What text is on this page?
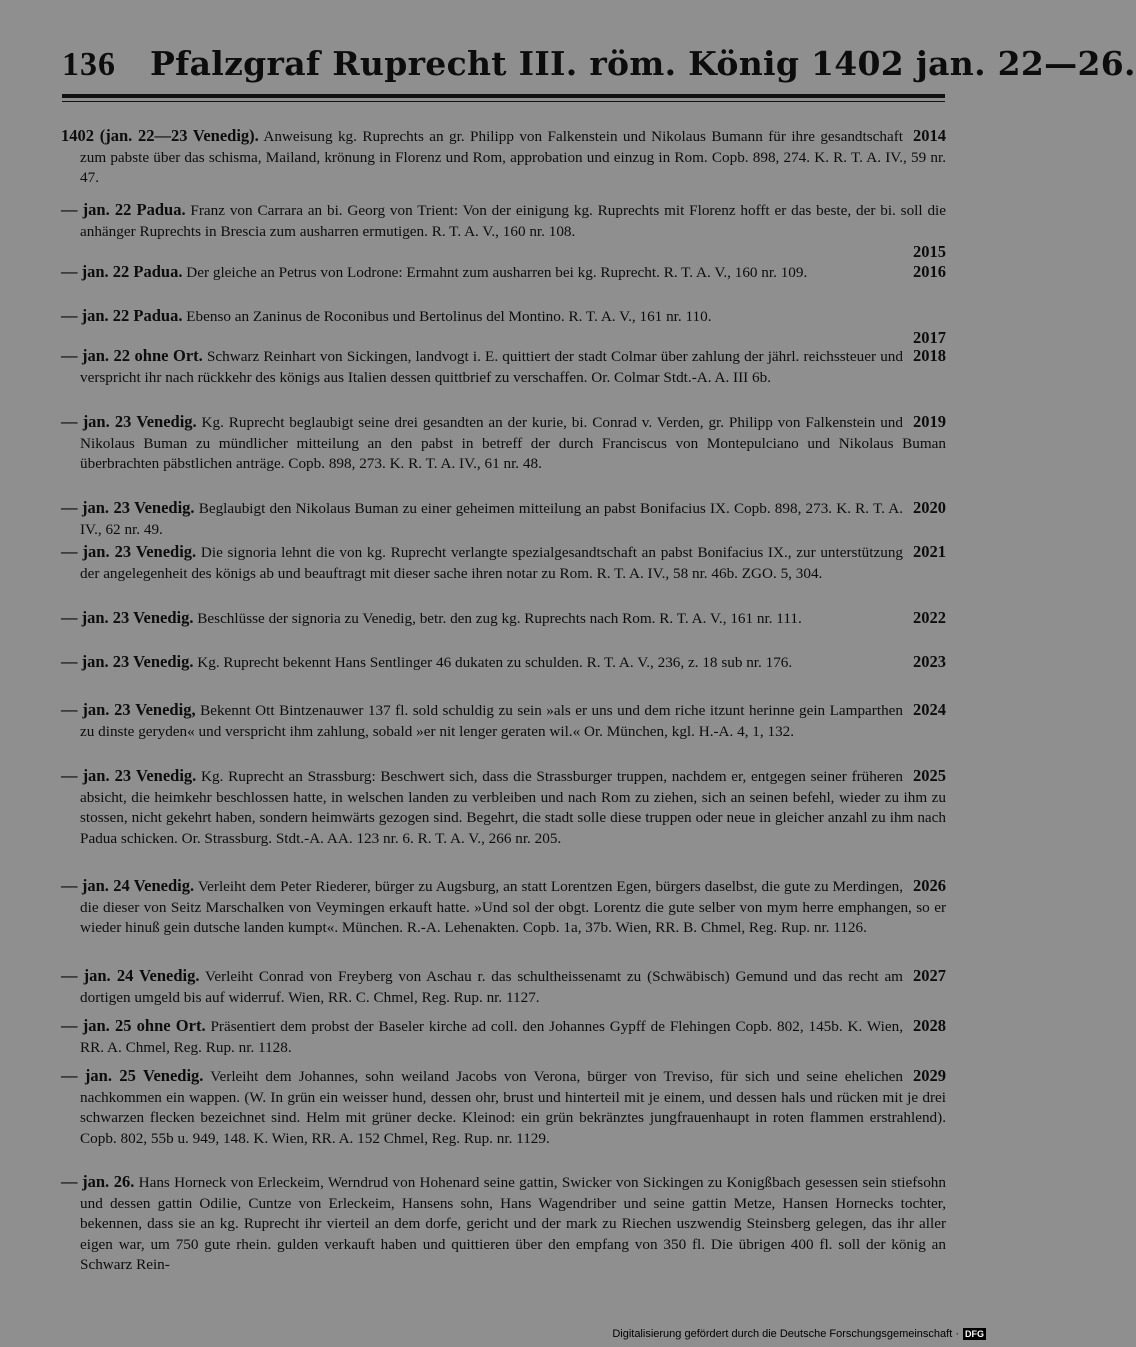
136 Pfalzgraf Ruprecht III. röm. König 1402 jan. 22—26.

2014
1402 (jan. 22—23 Venedig). Anweisung kg. Ruprechts an gr. Philipp von Falkenstein und Nikolaus Bumann für ihre gesandtschaft zum pabste über das schisma, Mailand, krönung in Florenz und Rom, approbation und einzug in Rom. Copb. 898, 274. K. R. T. A. IV., 59 nr. 47.

— jan. 22 Padua. Franz von Carrara an bi. Georg von Trient: Von der einigung kg. Ruprechts mit Florenz hofft er das beste, der bi. soll die anhänger Ruprechts in Brescia zum ausharren ermutigen. R. T. A. V., 160 nr. 108.

2015

2016
— jan. 22 Padua. Der gleiche an Petrus von Lodrone: Ermahnt zum ausharren bei kg. Ruprecht. R. T. A. V., 160 nr. 109.

— jan. 22 Padua. Ebenso an Zaninus de Roconibus und Bertolinus del Montino. R. T. A. V., 161 nr. 110.

2017

2018
— jan. 22 ohne Ort. Schwarz Reinhart von Sickingen, landvogt i. E. quittiert der stadt Colmar über zahlung der jährl. reichssteuer und verspricht ihr nach rückkehr des königs aus Italien dessen quittbrief zu verschaffen. Or. Colmar Stdt.-A. A. III 6b.

2019
— jan. 23 Venedig. Kg. Ruprecht beglaubigt seine drei gesandten an der kurie, bi. Conrad v. Verden, gr. Philipp von Falkenstein und Nikolaus Buman zu mündlicher mitteilung an den pabst in betreff der durch Franciscus von Montepulciano und Nikolaus Buman überbrachten päbstlichen anträge. Copb. 898, 273. K. R. T. A. IV., 61 nr. 48.

2020
— jan. 23 Venedig. Beglaubigt den Nikolaus Buman zu einer geheimen mitteilung an pabst Bonifacius IX. Copb. 898, 273. K. R. T. A. IV., 62 nr. 49.

2021
— jan. 23 Venedig. Die signoria lehnt die von kg. Ruprecht verlangte spezialgesandtschaft an pabst Bonifacius IX., zur unterstützung der angelegenheit des königs ab und beauftragt mit dieser sache ihren notar zu Rom. R. T. A. IV., 58 nr. 46b. ZGO. 5, 304.

2022
— jan. 23 Venedig. Beschlüsse der signoria zu Venedig, betr. den zug kg. Ruprechts nach Rom. R. T. A. V., 161 nr. 111.

2023
— jan. 23 Venedig. Kg. Ruprecht bekennt Hans Sentlinger 46 dukaten zu schulden. R. T. A. V., 236, z. 18 sub nr. 176.

2024
— jan. 23 Venedig, Bekennt Ott Bintzenauwer 137 fl. sold schuldig zu sein »als er uns und dem riche itzunt herinne gein Lamparthen zu dinste geryden« und verspricht ihm zahlung, sobald »er nit lenger geraten wil.« Or. München, kgl. H.-A. 4, 1, 132.

2025
— jan. 23 Venedig. Kg. Ruprecht an Strassburg: Beschwert sich, dass die Strassburger truppen, nachdem er, entgegen seiner früheren absicht, die heimkehr beschlossen hatte, in welschen landen zu verbleiben und nach Rom zu ziehen, sich an seinen befehl, wieder zu ihm zu stossen, nicht gekehrt haben, sondern heimwärts gezogen sind. Begehrt, die stadt solle diese truppen oder neue in gleicher anzahl zu ihm nach Padua schicken. Or. Strassburg. Stdt.-A. AA. 123 nr. 6. R. T. A. V., 266 nr. 205.

2026
— jan. 24 Venedig. Verleiht dem Peter Riederer, bürger zu Augsburg, an statt Lorentzen Egen, bürgers daselbst, die gute zu Merdingen, die dieser von Seitz Marschalken von Veymingen erkauft hatte. »Und sol der obgt. Lorentz die gute selber von mym herre emphangen, so er wieder hinuß gein dutsche landen kumpt«. München. R.-A. Lehenakten. Copb. 1a, 37b. Wien, RR. B. Chmel, Reg. Rup. nr. 1126.

2027
— jan. 24 Venedig. Verleiht Conrad von Freyberg von Aschau r. das schultheissenamt zu (Schwäbisch) Gemund und das recht am dortigen umgeld bis auf widerruf. Wien, RR. C. Chmel, Reg. Rup. nr. 1127.

2028
— jan. 25 ohne Ort. Präsentiert dem probst der Baseler kirche ad coll. den Johannes Gypff de Flehingen Copb. 802, 145b. K. Wien, RR. A. Chmel, Reg. Rup. nr. 1128.

2029
— jan. 25 Venedig. Verleiht dem Johannes, sohn weiland Jacobs von Verona, bürger von Treviso, für sich und seine ehelichen nachkommen ein wappen. (W. In grün ein weisser hund, dessen ohr, brust und hinterteil mit je einem, und dessen hals und rücken mit je drei schwarzen flecken bezeichnet sind. Helm mit grüner decke. Kleinod: ein grün bekränztes jungfrauenhaupt in roten flammen erstrahlend). Copb. 802, 55b u. 949, 148. K. Wien, RR. A. 152 Chmel, Reg. Rup. nr. 1129.

— jan. 26. Hans Horneck von Erleckeim, Werndrud von Hohenard seine gattin, Swicker von Sickingen zu Konigßbach gesessen sein stiefsohn und dessen gattin Odilie, Cuntze von Erleckeim, Hansens sohn, Hans Wagendriber und seine gattin Metze, Hansen Hornecks tochter, bekennen, dass sie an kg. Ruprecht ihr vierteil an dem dorfe, gericht und der mark zu Riechen uszwendig Steinsberg gelegen, das ihr aller eigen war, um 750 gute rhein. gulden verkauft haben und quittieren über den empfang von 350 fl. Die übrigen 400 fl. soll der könig an Schwarz Rein-

Digitalisierung gefördert durch die Deutsche Forschungsgemeinschaft · DFG
